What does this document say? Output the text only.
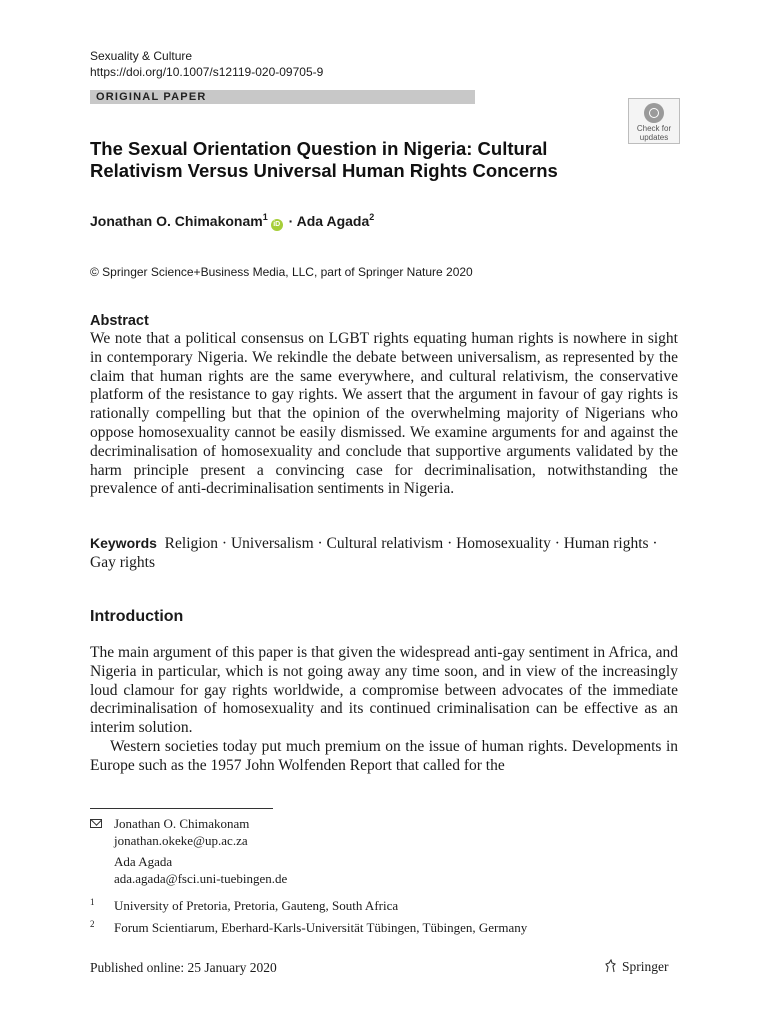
Sexuality & Culture
https://doi.org/10.1007/s12119-020-09705-9
ORIGINAL PAPER
Check for
updates
The Sexual Orientation Question in Nigeria: Cultural
Relativism Versus Universal Human Rights Concerns
Jonathan O. Chimakonam$^1$iD · Ada Agada$^2$
© Springer Science+Business Media, LLC, part of Springer Nature 2020
Abstract
We note that a political consensus on LGBT rights equating human rights is nowhere in sight in contemporary Nigeria. We rekindle the debate between universalism, as represented by the claim that human rights are the same everywhere, and cultural relativism, the conservative platform of the resistance to gay rights. We assert that the argument in favour of gay rights is rationally compelling but that the opinion of the overwhelming majority of Nigerians who oppose homosexuality cannot be easily dismissed. We examine arguments for and against the decriminalisation of homosexuality and conclude that supportive arguments validated by the harm principle present a convincing case for decriminalisation, notwithstanding the prevalence of anti-decriminalisation sentiments in Nigeria.
Keywords Religion · Universalism · Cultural relativism · Homosexuality · Human rights · Gay rights
Introduction

The main argument of this paper is that given the widespread anti-gay sentiment in Africa, and Nigeria in particular, which is not going away any time soon, and in view of the increasingly loud clamour for gay rights worldwide, a compromise between advocates of the immediate decriminalisation of homosexuality and its continued criminalisation can be effective as an interim solution.

Western societies today put much premium on the issue of human rights. Developments in Europe such as the 1957 John Wolfenden Report that called for the

Jonathan O. Chimakonam
jonathan.okeke@up.ac.za
Ada Agada
ada.agada@fsci.uni-tuebingen.de
1 University of Pretoria, Pretoria, Gauteng, South Africa
2 Forum Scientiarum, Eberhard-Karls-Universität Tübingen, Tübingen, Germany
Published online: 25 January 2020	Springer
